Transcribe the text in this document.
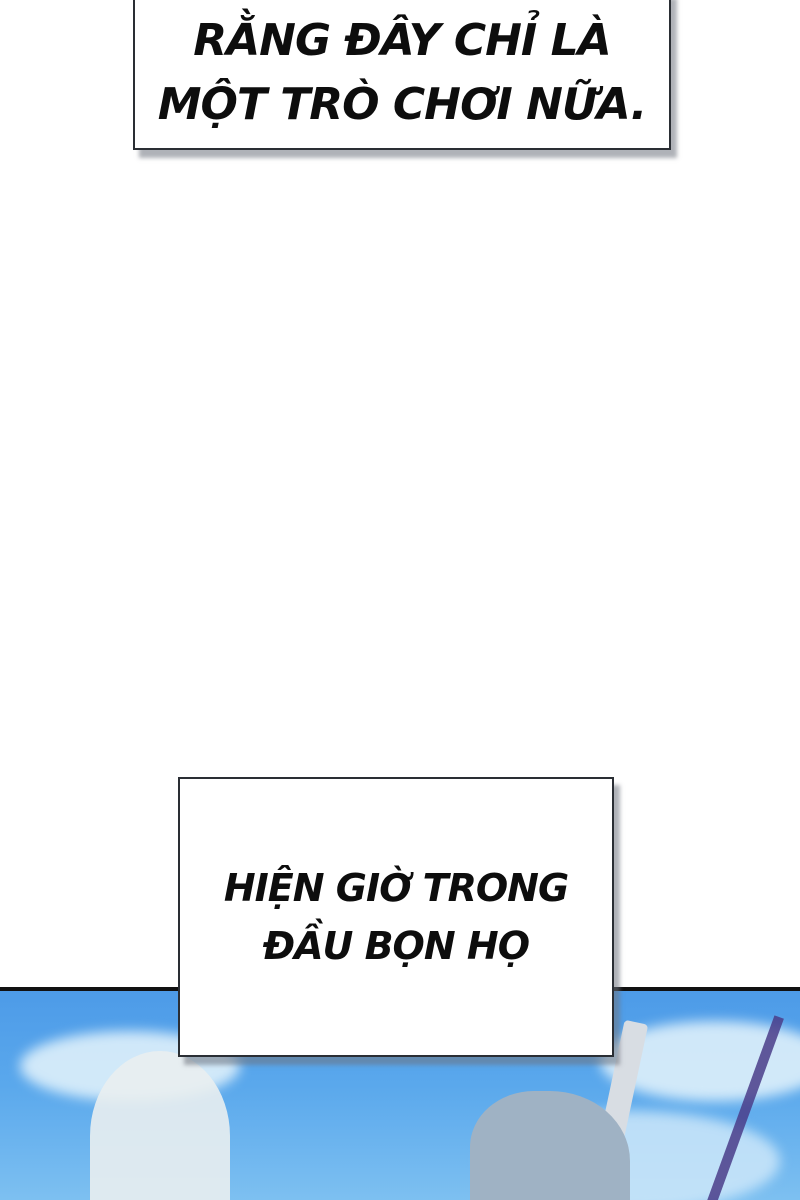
RẰNG ĐÂY CHỈ LÀ
MỘT TRÒ CHƠI NỮA.
HIỆN GIỜ TRONG
ĐẦU BỌN HỌ
